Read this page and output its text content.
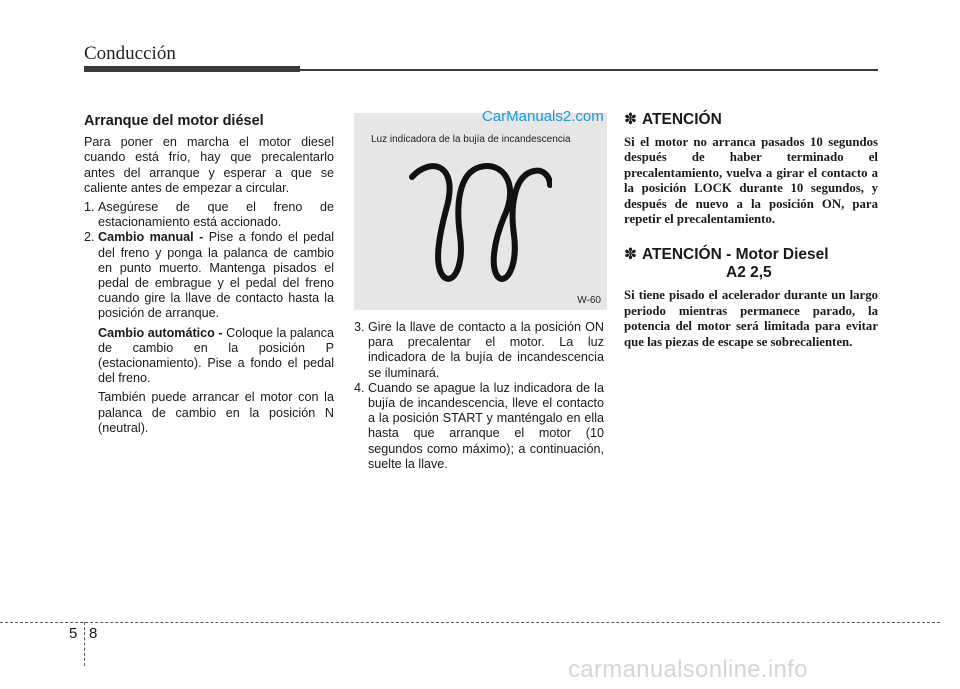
Conducción
Arranque del motor diésel

Para poner en marcha el motor diesel cuando está frío, hay que precalentarlo antes del arranque y esperar a que se caliente antes de empezar a circular.

1. Asegúrese de que el freno de estacionamiento está accionado.
2. Cambio manual - Pise a fondo el pedal del freno y ponga la palanca de cambio en punto muerto. Mantenga pisados el pedal de embrague y el pedal del freno cuando gire la llave de contacto hasta la posición de arranque.
Cambio automático - Coloque la palanca de cambio en la posición P (estacionamiento). Pise a fondo el pedal del freno.
También puede arrancar el motor con la palanca de cambio en la posición N (neutral).
Luz indicadora de la bujía de incandescencia
W-60
CarManuals2.com
3. Gire la llave de contacto a la posición ON para precalentar el motor. La luz indicadora de la bujía de incandescencia se iluminará.
4. Cuando se apague la luz indicadora de la bujía de incandescencia, lleve el contacto a la posición START y manténgalo en ella hasta que arranque el motor (10 segundos como máximo); a continuación, suelte la llave.
✽ ATENCIÓN

Si el motor no arranca pasados 10 segundos después de haber terminado el precalentamiento, vuelva a girar el contacto a la posición LOCK durante 10 segundos, y después de nuevo a la posición ON, para repetir el precalentamiento.

✽ ATENCIÓN - Motor Diesel
A2 2,5

Si tiene pisado el acelerador durante un largo periodo mientras permanece parado, la potencia del motor será limitada para evitar que las piezas de escape se sobrecalienten.

5 8
carmanualsonline.info
